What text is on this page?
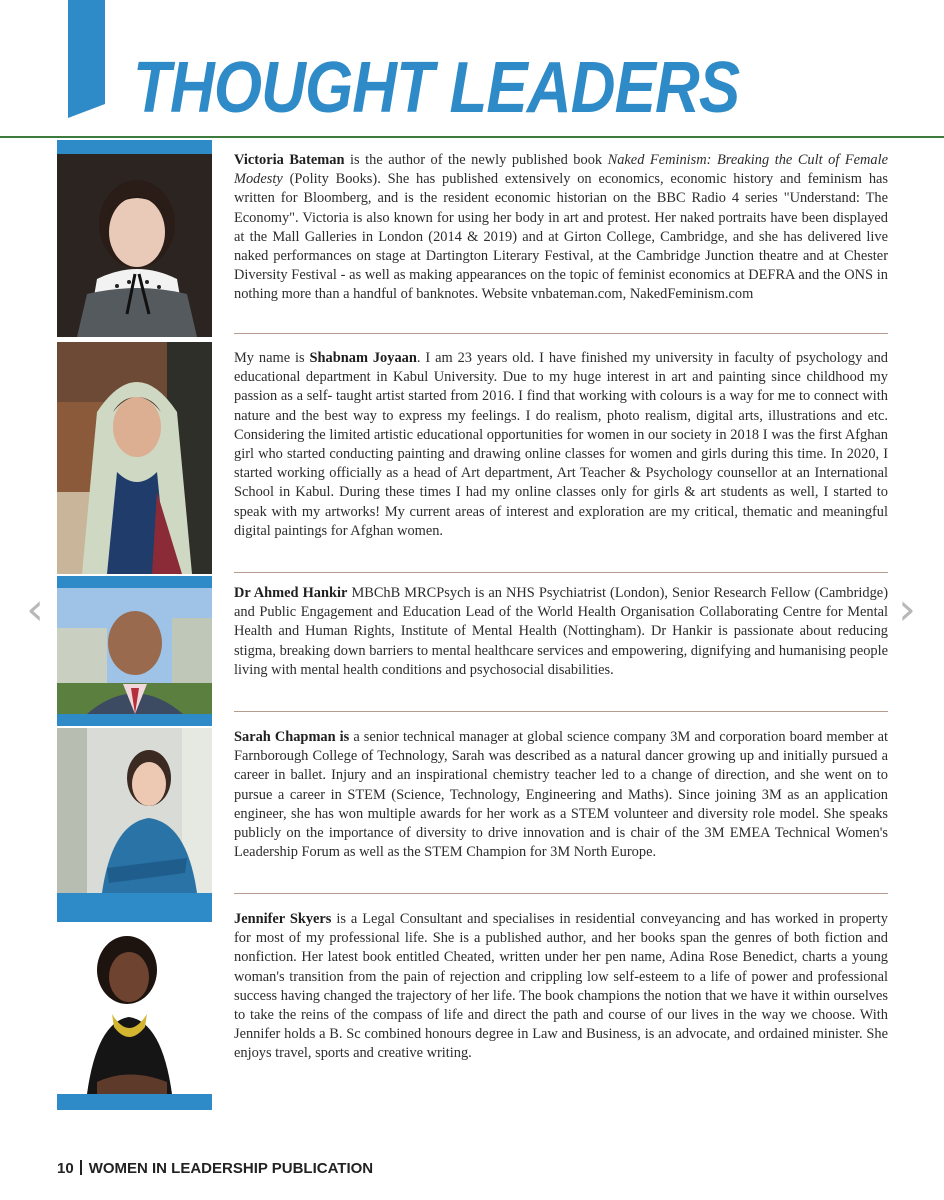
THOUGHT LEADERS
Victoria Bateman is the author of the newly published book Naked Feminism: Breaking the Cult of Female Modesty (Polity Books). She has published extensively on economics, economic history and feminism has written for Bloomberg, and is the resident economic historian on the BBC Radio 4 series "Understand: The Economy". Victoria is also known for using her body in art and protest. Her naked portraits have been displayed at the Mall Galleries in London (2014 & 2019) and at Girton College, Cambridge, and she has delivered live naked performances on stage at Dartington Literary Festival, at the Cambridge Junction theatre and at Chester Diversity Festival - as well as making appearances on the topic of feminist economics at DEFRA and the ONS in nothing more than a handful of banknotes. Website vnbateman.com, NakedFeminism.com
My name is Shabnam Joyaan. I am 23 years old. I have finished my university in faculty of psychology and educational department in Kabul University. Due to my huge interest in art and painting since childhood my passion as a self- taught artist started from 2016. I find that working with colours is a way for me to connect with nature and the best way to express my feelings. I do realism, photo realism, digital arts, illustrations and etc. Considering the limited artistic educational opportunities for women in our society in 2018 I was the first Afghan girl who started conducting painting and drawing online classes for women and girls during this time. In 2020, I started working officially as a head of Art department, Art Teacher & Psychology counsellor at an International School in Kabul. During these times I had my online classes only for girls & art students as well, I started to speak with my artworks! My current areas of interest and exploration are my critical, thematic and meaningful digital paintings for Afghan women.
Dr Ahmed Hankir MBChB MRCPsych is an NHS Psychiatrist (London), Senior Research Fellow (Cambridge) and Public Engagement and Education Lead of the World Health Organisation Collaborating Centre for Mental Health and Human Rights, Institute of Mental Health (Nottingham). Dr Hankir is passionate about reducing stigma, breaking down barriers to mental healthcare services and empowering, dignifying and humanising people living with mental health conditions and psychosocial disabilities.
Sarah Chapman is a senior technical manager at global science company 3M and corporation board member at Farnborough College of Technology, Sarah was described as a natural dancer growing up and initially pursued a career in ballet. Injury and an inspirational chemistry teacher led to a change of direction, and she went on to pursue a career in STEM (Science, Technology, Engineering and Maths). Since joining 3M as an application engineer, she has won multiple awards for her work as a STEM volunteer and diversity role model. She speaks publicly on the importance of diversity to drive innovation and is chair of the 3M EMEA Technical Women's Leadership Forum as well as the STEM Champion for 3M North Europe.
Jennifer Skyers is a Legal Consultant and specialises in residential conveyancing and has worked in property for most of my professional life. She is a published author, and her books span the genres of both fiction and nonfiction. Her latest book entitled Cheated, written under her pen name, Adina Rose Benedict, charts a young woman's transition from the pain of rejection and crippling low self-esteem to a life of power and professional success having changed the trajectory of her life. The book champions the notion that we have it within ourselves to take the reins of the compass of life and direct the path and course of our lives in the way we choose. With Jennifer holds a B. Sc combined honours degree in Law and Business, is an advocate, and ordained minister. She enjoys travel, sports and creative writing.
‹	›
10 WOMEN IN LEADERSHIP PUBLICATION
